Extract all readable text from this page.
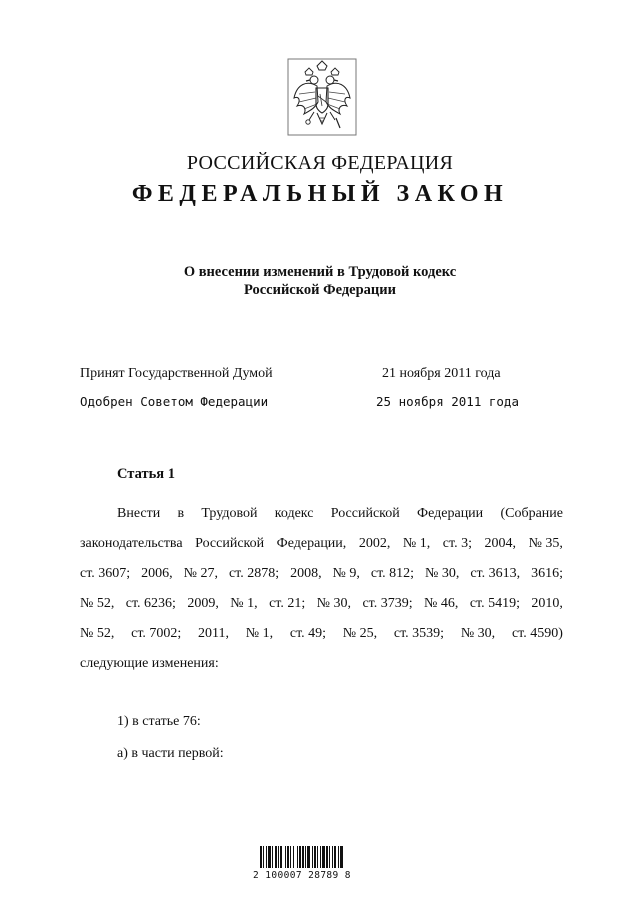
РОССИЙСКАЯ ФЕДЕРАЦИЯ
ФЕДЕРАЛЬНЫЙ ЗАКОН
О внесении изменений в Трудовой кодекс
Российской Федерации
Принят Государственной Думой	21 ноября 2011 года
Одобрен Советом Федерации	25 ноября 2011 года
Статья 1
Внести в Трудовой кодекс Российской Федерации (Собрание
законодательства Российской Федерации, 2002, № 1, ст. 3; 2004, № 35,
ст. 3607; 2006, № 27, ст. 2878; 2008, № 9, ст. 812; № 30, ст. 3613, 3616;
№ 52, ст. 6236; 2009, № 1, ст. 21; № 30, ст. 3739; № 46, ст. 5419; 2010,
№ 52, ст. 7002; 2011, № 1, ст. 49; № 25, ст. 3539; № 30, ст. 4590)
следующие изменения:
1) в статье 76:
а) в части первой:
2 100007 28789 8
